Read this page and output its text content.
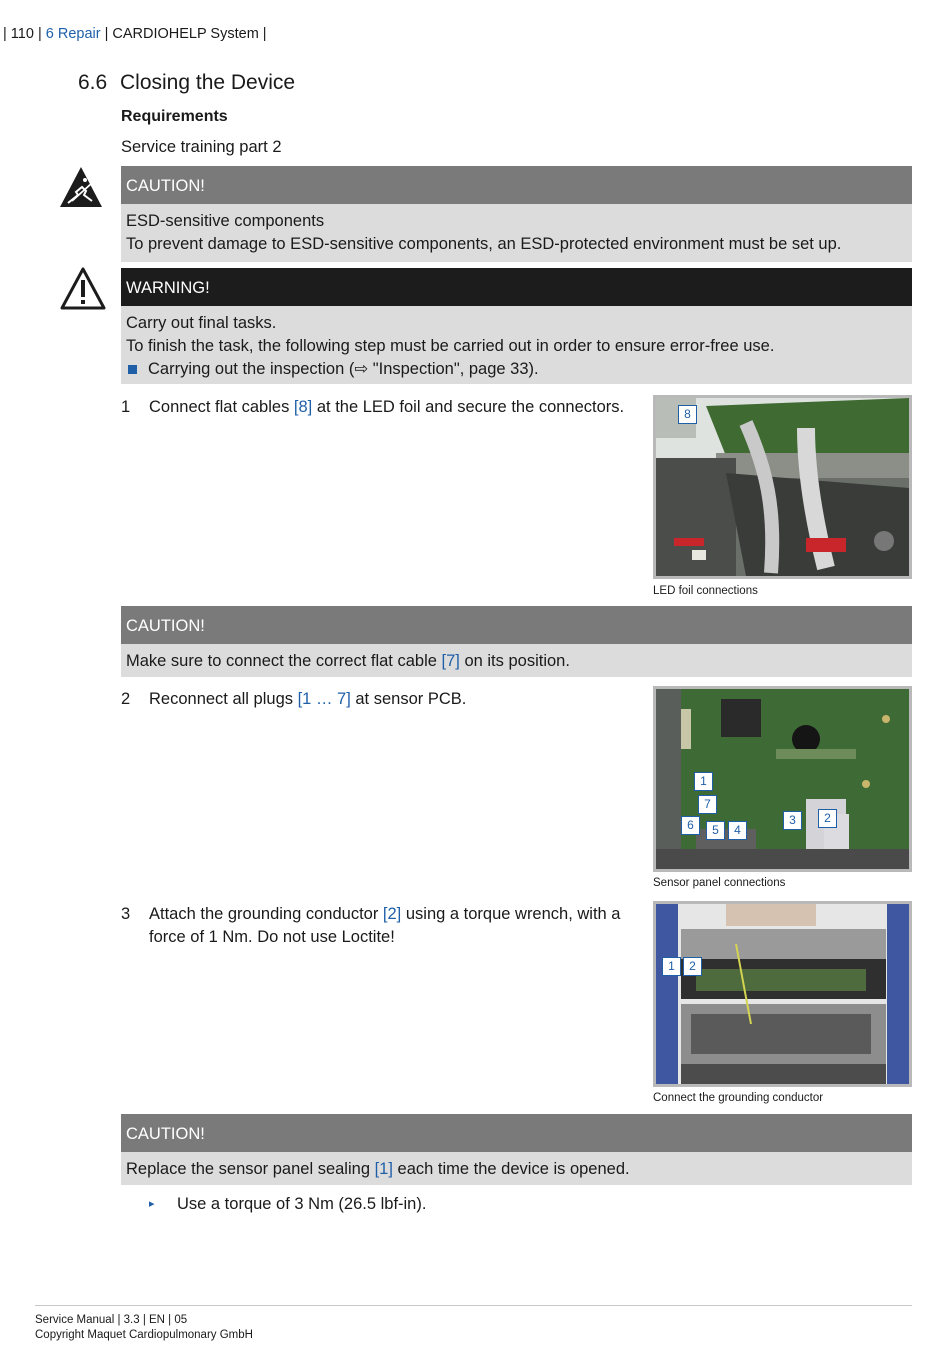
| 110 | 6 Repair | CARDIOHELP System |
6.6 Closing the Device
Requirements
Service training part 2
CAUTION!
ESD-sensitive components
To prevent damage to ESD-sensitive components, an ESD-protected environment must be set up.
WARNING!
Carry out final tasks.
To finish the task, the following step must be carried out in order to ensure error-free use.
Carrying out the inspection (⇨ "Inspection", page 33).
1 Connect flat cables [8] at the LED foil and secure the connectors.	8
LED foil connections
CAUTION!
Make sure to connect the correct flat cable [7] on its position.
2 Reconnect all plugs [1 … 7] at sensor PCB.
1
7
6	5	4
3	2
Sensor panel connections
3 Attach the grounding conductor [2] using a torque wrench, with a force of 1 Nm. Do not use Loctite!
1	2
Connect the grounding conductor
CAUTION!
Replace the sensor panel sealing [1] each time the device is opened.
▸ Use a torque of 3 Nm (26.5 lbf-in).
Service Manual | 3.3 | EN | 05
Copyright Maquet Cardiopulmonary GmbH
